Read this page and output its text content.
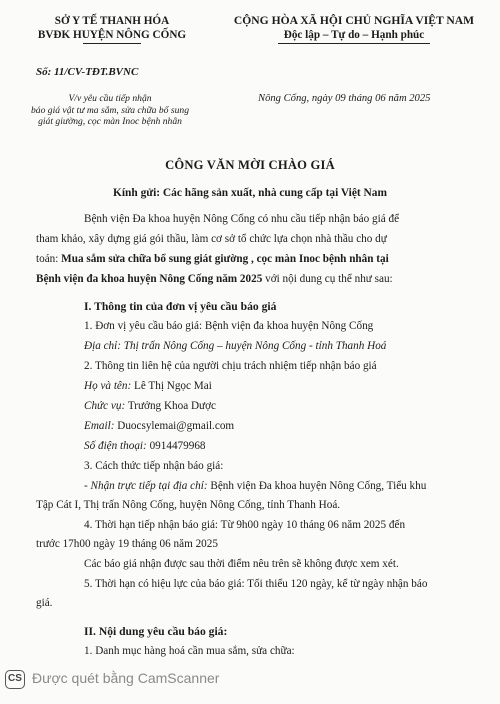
SỞ Y TẾ THANH HÓA
BVĐK HUYỆN NÔNG CỐNG
CỘNG HÒA XÃ HỘI CHỦ NGHĨA VIỆT NAM
Độc lập – Tự do – Hạnh phúc
Số: 11/CV-TĐT.BVNC
V/v yêu cầu tiếp nhận
báo giá vật tư ma sắm, sửa chữa bổ sung
giát giường, cọc màn Inoc bệnh nhân
Nông Cống, ngày 09 tháng 06 năm 2025
CÔNG VĂN MỜI CHÀO GIÁ
Kính gửi: Các hãng sản xuất, nhà cung cấp tại Việt Nam
Bệnh viện Đa khoa huyện Nông Cống có nhu cầu tiếp nhận báo giá để
tham khảo, xây dựng giá gói thầu, làm cơ sở tổ chức lựa chọn nhà thầu cho dự
toán: Mua sắm sửa chữa bổ sung giát giường , cọc màn Inoc bệnh nhân tại
Bệnh viện đa khoa huyện Nông Cống năm 2025 với nội dung cụ thể như sau:
I. Thông tin của đơn vị yêu cầu báo giá
1. Đơn vị yêu cầu báo giá: Bệnh viện đa khoa huyện Nông Cống
Địa chỉ: Thị trấn Nông Cống – huyện Nông Cống - tỉnh Thanh Hoá
2. Thông tin liên hệ của người chịu trách nhiệm tiếp nhận báo giá
Họ và tên: Lê Thị Ngọc Mai
Chức vụ: Trưởng Khoa Dược
Email: Duocsylemai@gmail.com
Số điện thoại: 0914479968
3. Cách thức tiếp nhận báo giá:
- Nhận trực tiếp tại địa chỉ: Bệnh viện Đa khoa huyện Nông Cống, Tiểu khu
Tập Cát I, Thị trấn Nông Cống, huyện Nông Cống, tỉnh Thanh Hoá.
4. Thời hạn tiếp nhận báo giá: Từ 9h00 ngày 10 tháng 06 năm 2025 đến
trước 17h00 ngày 19 tháng 06 năm 2025
Các báo giá nhận được sau thời điểm nêu trên sẽ không được xem xét.
5. Thời hạn có hiệu lực của báo giá: Tối thiểu 120 ngày, kể từ ngày nhận báo
giá.
II. Nội dung yêu cầu báo giá:
1. Danh mục hàng hoá cần mua sắm, sửa chữa:
CS Được quét bằng CamScanner
